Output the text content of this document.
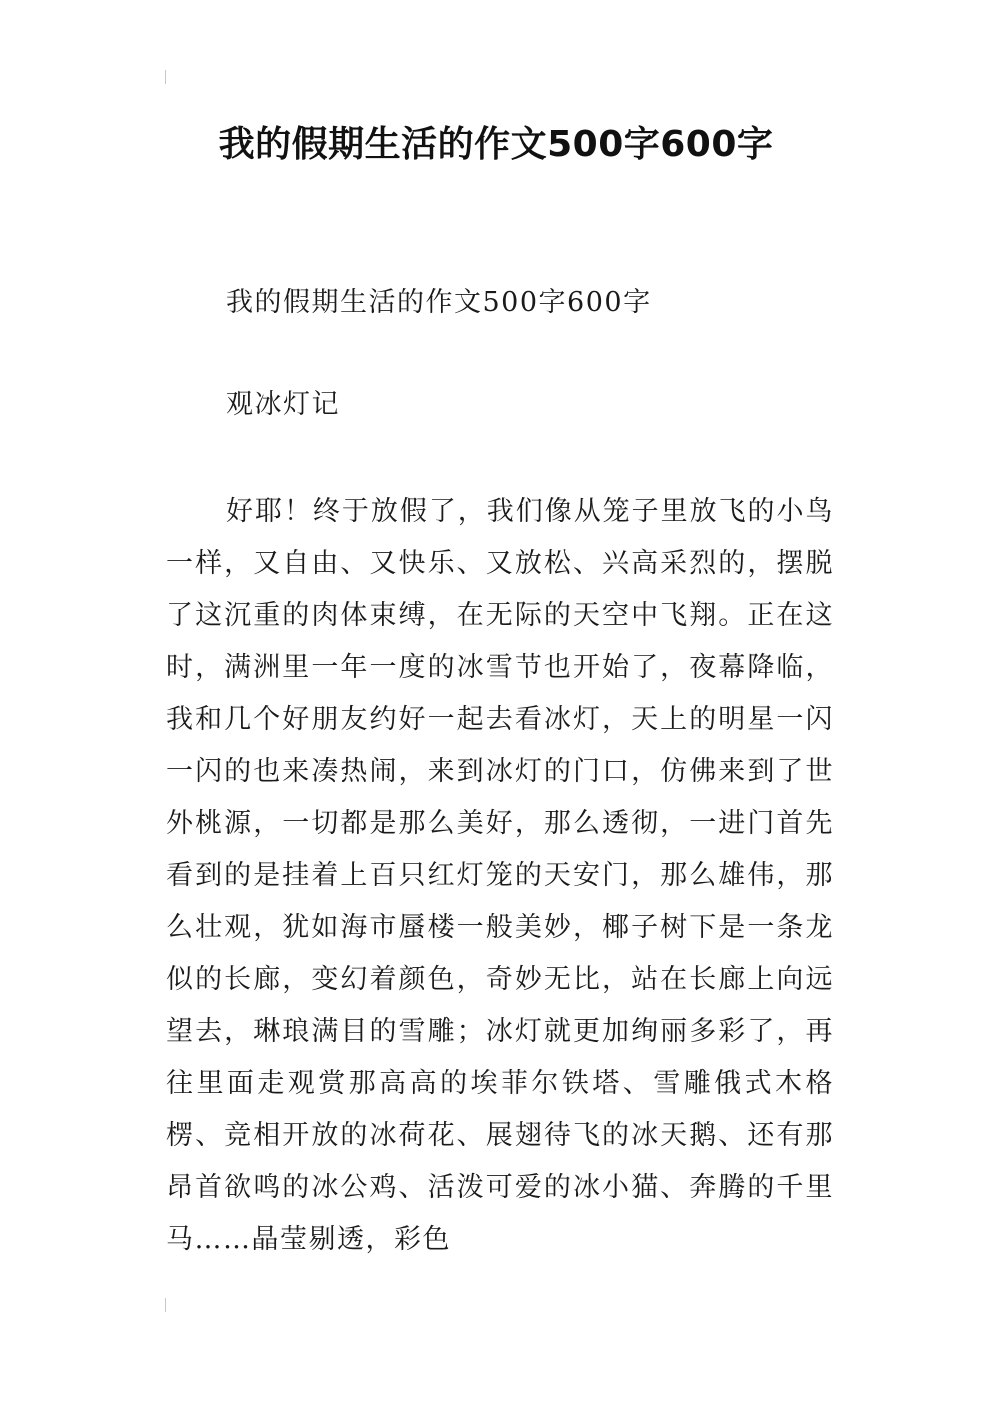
我的假期生活的作文500字600字

我的假期生活的作文500字600字

观冰灯记

好耶！终于放假了，我们像从笼子里放飞的小鸟一样，又自由、又快乐、又放松、兴高采烈的，摆脱了这沉重的肉体束缚，在无际的天空中飞翔。正在这时，满洲里一年一度的冰雪节也开始了，夜幕降临，我和几个好朋友约好一起去看冰灯，天上的明星一闪一闪的也来凑热闹，来到冰灯的门口，仿佛来到了世外桃源，一切都是那么美好，那么透彻，一进门首先看到的是挂着上百只红灯笼的天安门，那么雄伟，那么壮观，犹如海市蜃楼一般美妙，椰子树下是一条龙似的长廊，变幻着颜色，奇妙无比，站在长廊上向远望去，琳琅满目的雪雕；冰灯就更加绚丽多彩了，再往里面走观赏那高高的埃菲尔铁塔、雪雕俄式木格楞、竞相开放的冰荷花、展翅待飞的冰天鹅、还有那昂首欲鸣的冰公鸡、活泼可爱的冰小猫、奔腾的千里马……晶莹剔透，彩色
